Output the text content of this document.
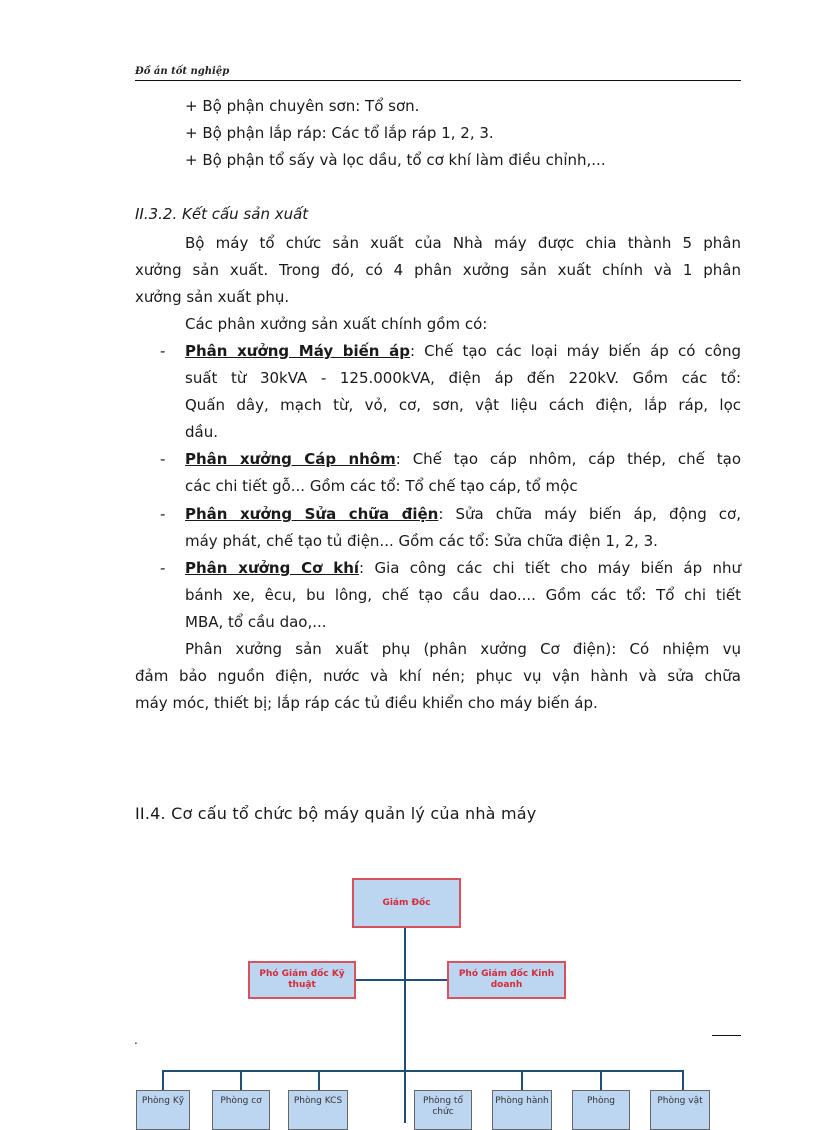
Đồ án tốt nghiệp
+ Bộ phận chuyên sơn: Tổ sơn.
+ Bộ phận lắp ráp: Các tổ lắp ráp 1, 2, 3.
+ Bộ phận tổ sấy và lọc dầu, tổ cơ khí làm điều chỉnh,...
II.3.2. Kết cấu sản xuất
Bộ máy tổ chức sản xuất của Nhà máy được chia thành 5 phân
xưởng sản xuất. Trong đó, có 4 phân xưởng sản xuất chính và 1 phân
xưởng sản xuất phụ.
Các phân xưởng sản xuất chính gồm có:
- Phân xưởng Máy biến áp: Chế tạo các loại máy biến áp có công
suất từ 30kVA - 125.000kVA, điện áp đến 220kV. Gồm các tổ:
Quấn dây, mạch từ, vỏ, cơ, sơn, vật liệu cách điện, lắp ráp, lọc
dầu.
- Phân xưởng Cáp nhôm: Chế tạo cáp nhôm, cáp thép, chế tạo
các chi tiết gỗ... Gồm các tổ: Tổ chế tạo cáp, tổ mộc
- Phân xưởng Sửa chữa điện: Sửa chữa máy biến áp, động cơ,
máy phát, chế tạo tủ điện... Gồm các tổ: Sửa chữa điện 1, 2, 3.
- Phân xưởng Cơ khí: Gia công các chi tiết cho máy biến áp như
bánh xe, êcu, bu lông, chế tạo cầu dao.... Gồm các tổ: Tổ chi tiết
MBA, tổ cầu dao,...
Phân xưởng sản xuất phụ (phân xưởng Cơ điện): Có nhiệm vụ
đảm bảo nguồn điện, nước và khí nén; phục vụ vận hành và sửa chữa
máy móc, thiết bị; lắp ráp các tủ điều khiển cho máy biến áp.
II.4. Cơ cấu tổ chức bộ máy quản lý của nhà máy
Giám Đốc
Phó Giám đốc Kỹ thuật
Phó Giám đốc Kinh doanh
Phòng Kỹ	Phòng cơ	Phòng KCS	Phòng tổ chức
Phòng hành	Phòng	Phòng vật
.
